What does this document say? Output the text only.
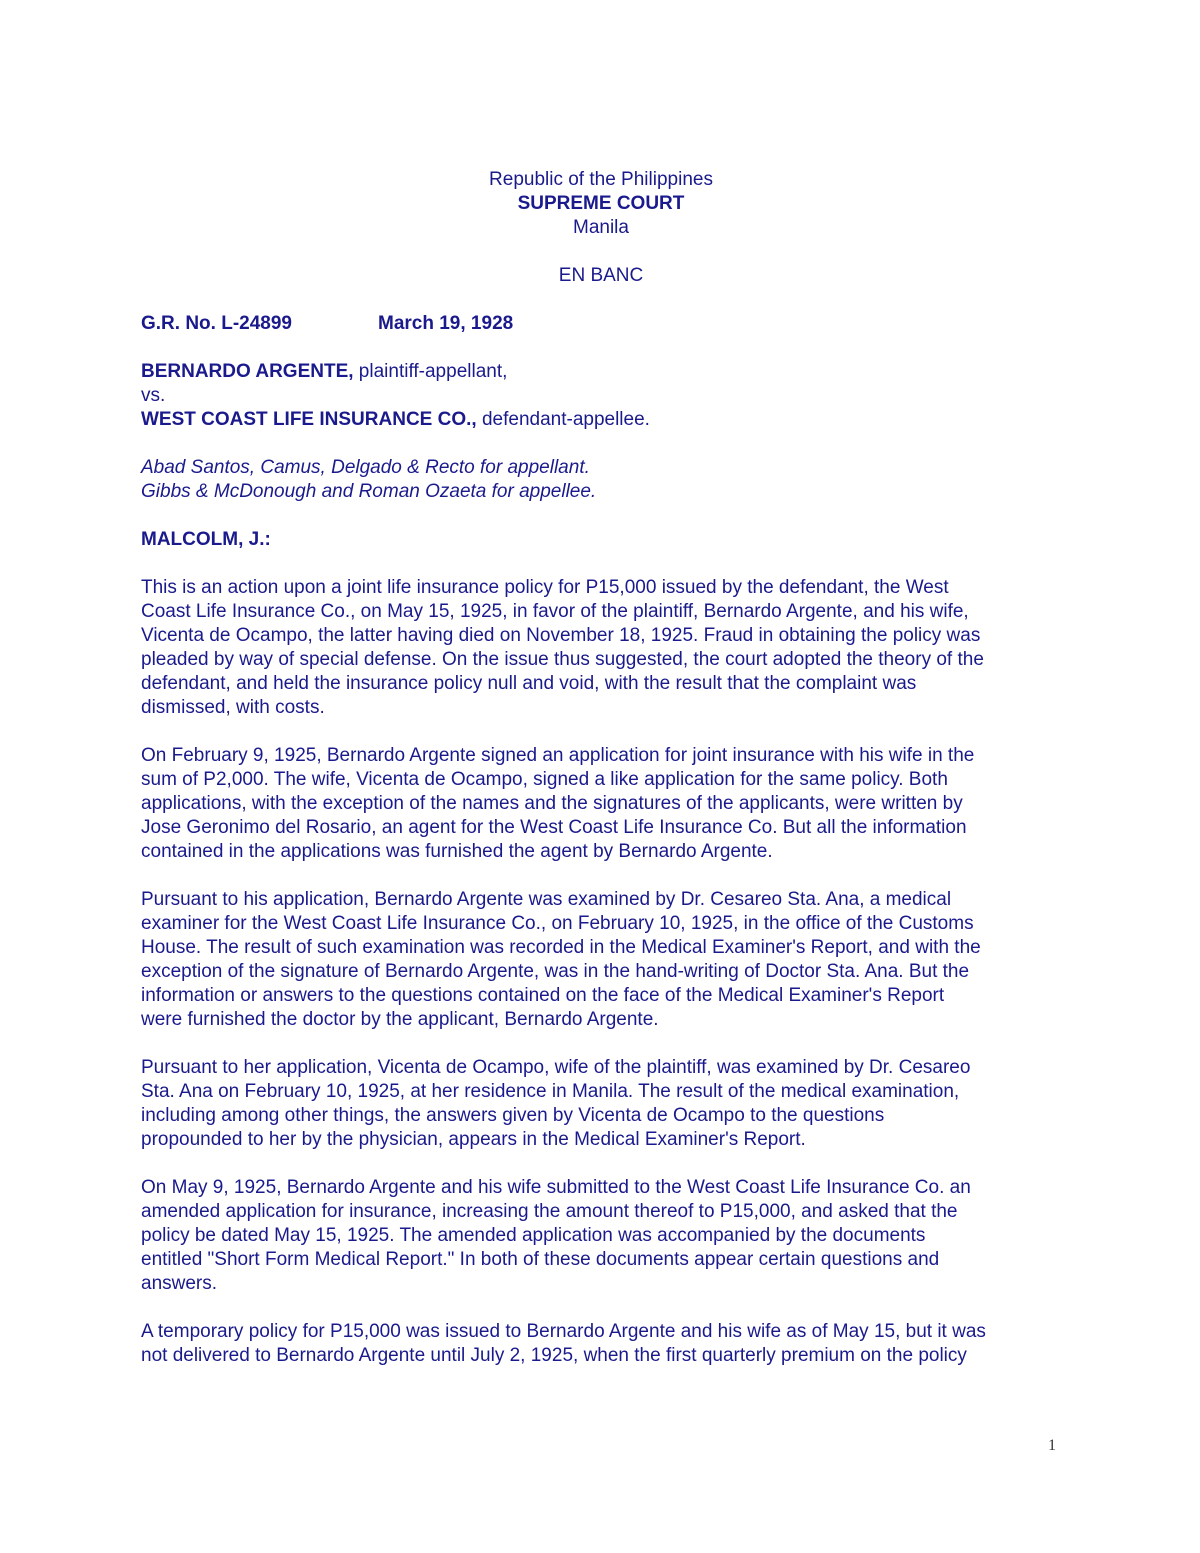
Republic of the Philippines
SUPREME COURT
Manila
EN BANC
G.R. No. L-24899	March 19, 1928
BERNARDO ARGENTE, plaintiff-appellant,
vs.
WEST COAST LIFE INSURANCE CO., defendant-appellee.
Abad Santos, Camus, Delgado & Recto for appellant.
Gibbs & McDonough and Roman Ozaeta for appellee.
MALCOLM, J.:
This is an action upon a joint life insurance policy for P15,000 issued by the defendant, the West
Coast Life Insurance Co., on May 15, 1925, in favor of the plaintiff, Bernardo Argente, and his wife,
Vicenta de Ocampo, the latter having died on November 18, 1925. Fraud in obtaining the policy was
pleaded by way of special defense. On the issue thus suggested, the court adopted the theory of the
defendant, and held the insurance policy null and void, with the result that the complaint was
dismissed, with costs.
On February 9, 1925, Bernardo Argente signed an application for joint insurance with his wife in the
sum of P2,000. The wife, Vicenta de Ocampo, signed a like application for the same policy. Both
applications, with the exception of the names and the signatures of the applicants, were written by
Jose Geronimo del Rosario, an agent for the West Coast Life Insurance Co. But all the information
contained in the applications was furnished the agent by Bernardo Argente.
Pursuant to his application, Bernardo Argente was examined by Dr. Cesareo Sta. Ana, a medical
examiner for the West Coast Life Insurance Co., on February 10, 1925, in the office of the Customs
House. The result of such examination was recorded in the Medical Examiner's Report, and with the
exception of the signature of Bernardo Argente, was in the hand-writing of Doctor Sta. Ana. But the
information or answers to the questions contained on the face of the Medical Examiner's Report
were furnished the doctor by the applicant, Bernardo Argente.
Pursuant to her application, Vicenta de Ocampo, wife of the plaintiff, was examined by Dr. Cesareo
Sta. Ana on February 10, 1925, at her residence in Manila. The result of the medical examination,
including among other things, the answers given by Vicenta de Ocampo to the questions
propounded to her by the physician, appears in the Medical Examiner's Report.
On May 9, 1925, Bernardo Argente and his wife submitted to the West Coast Life Insurance Co. an
amended application for insurance, increasing the amount thereof to P15,000, and asked that the
policy be dated May 15, 1925. The amended application was accompanied by the documents
entitled "Short Form Medical Report." In both of these documents appear certain questions and
answers.
A temporary policy for P15,000 was issued to Bernardo Argente and his wife as of May 15, but it was
not delivered to Bernardo Argente until July 2, 1925, when the first quarterly premium on the policy
1
